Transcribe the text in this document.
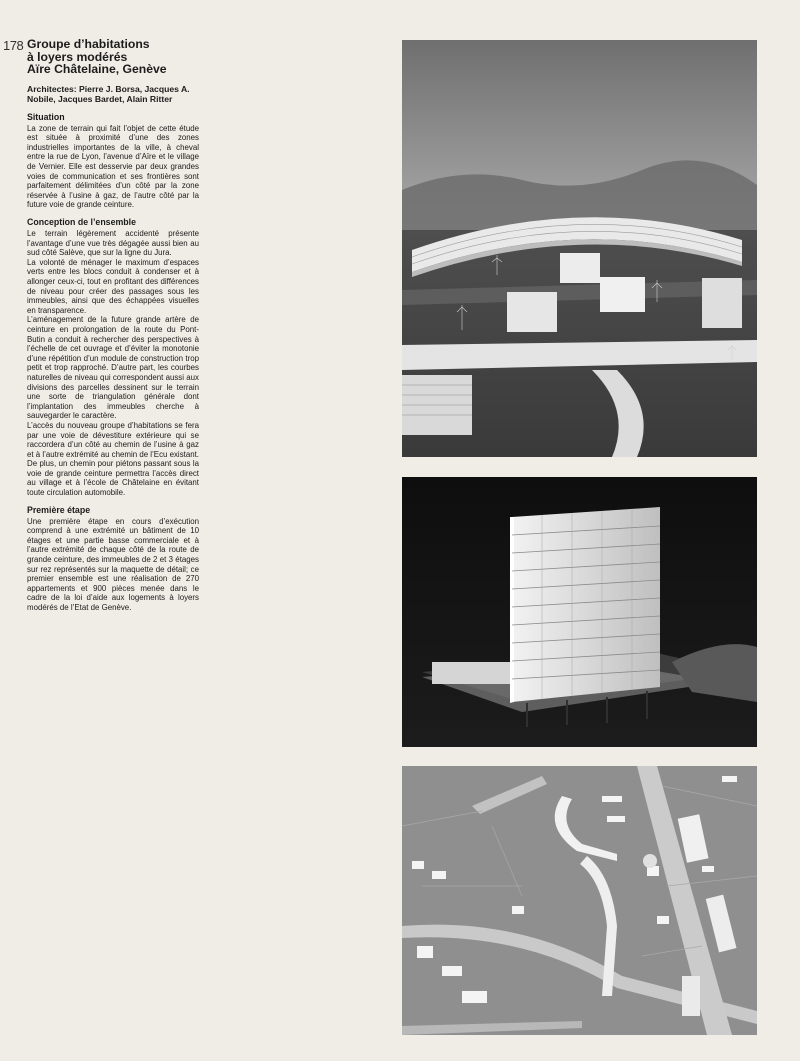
178 Groupe d’habitations
à loyers modérés
Aïre Châtelaine, Genève

Architectes: Pierre J. Borsa, Jacques A. Nobile, Jacques Bardet, Alain Ritter

Situation

La zone de terrain qui fait l’objet de cette étude est située à proximité d’une des zones industrielles importantes de la ville, à cheval entre la rue de Lyon, l’avenue d’Aïre et le village de Vernier. Elle est desservie par deux grandes voies de communication et ses frontières sont parfaitement délimitées d’un côté par la zone réservée à l’usine à gaz, de l’autre côté par la future voie de grande ceinture.

Conception de l’ensemble

Le terrain légèrement accidenté présente l’avantage d’une vue très dégagée aussi bien au sud côté Salève, que sur la ligne du Jura.

La volonté de ménager le maximum d’espaces verts entre les blocs conduit à condenser et à allonger ceux-ci, tout en profitant des différences de niveau pour créer des passages sous les immeubles, ainsi que des échappées visuelles en transparence.

L’aménagement de la future grande artère de ceinture en prolongation de la route du Pont-Butin a conduit à rechercher des perspectives à l’échelle de cet ouvrage et d’éviter la monotonie d’une répétition d’un module de construction trop petit et trop rapproché. D’autre part, les courbes naturelles de niveau qui correspondent aussi aux divisions des parcelles dessinent sur le terrain une sorte de triangulation générale dont l’implantation des immeubles cherche à sauvegarder le caractère.

L’accès du nouveau groupe d’habitations se fera par une voie de dévestiture extérieure qui se raccordera d’un côté au chemin de l’usine à gaz et à l’autre extrémité au chemin de l’Ecu existant. De plus, un chemin pour piétons passant sous la voie de grande ceinture permettra l’accès direct au village et à l’école de Châtelaine en évitant toute circulation automobile.

Première étape

Une première étape en cours d’exécution comprend à une extrémité un bâtiment de 10 étages et une partie basse commerciale et à l’autre extrémité de chaque côté de la route de grande ceinture, des immeubles de 2 et 3 étages sur rez représentés sur la maquette de détail; ce premier ensemble est une réalisation de 270 appartements et 900 pièces menée dans le cadre de la loi d’aide aux logements à loyers modérés de l’Etat de Genève.
